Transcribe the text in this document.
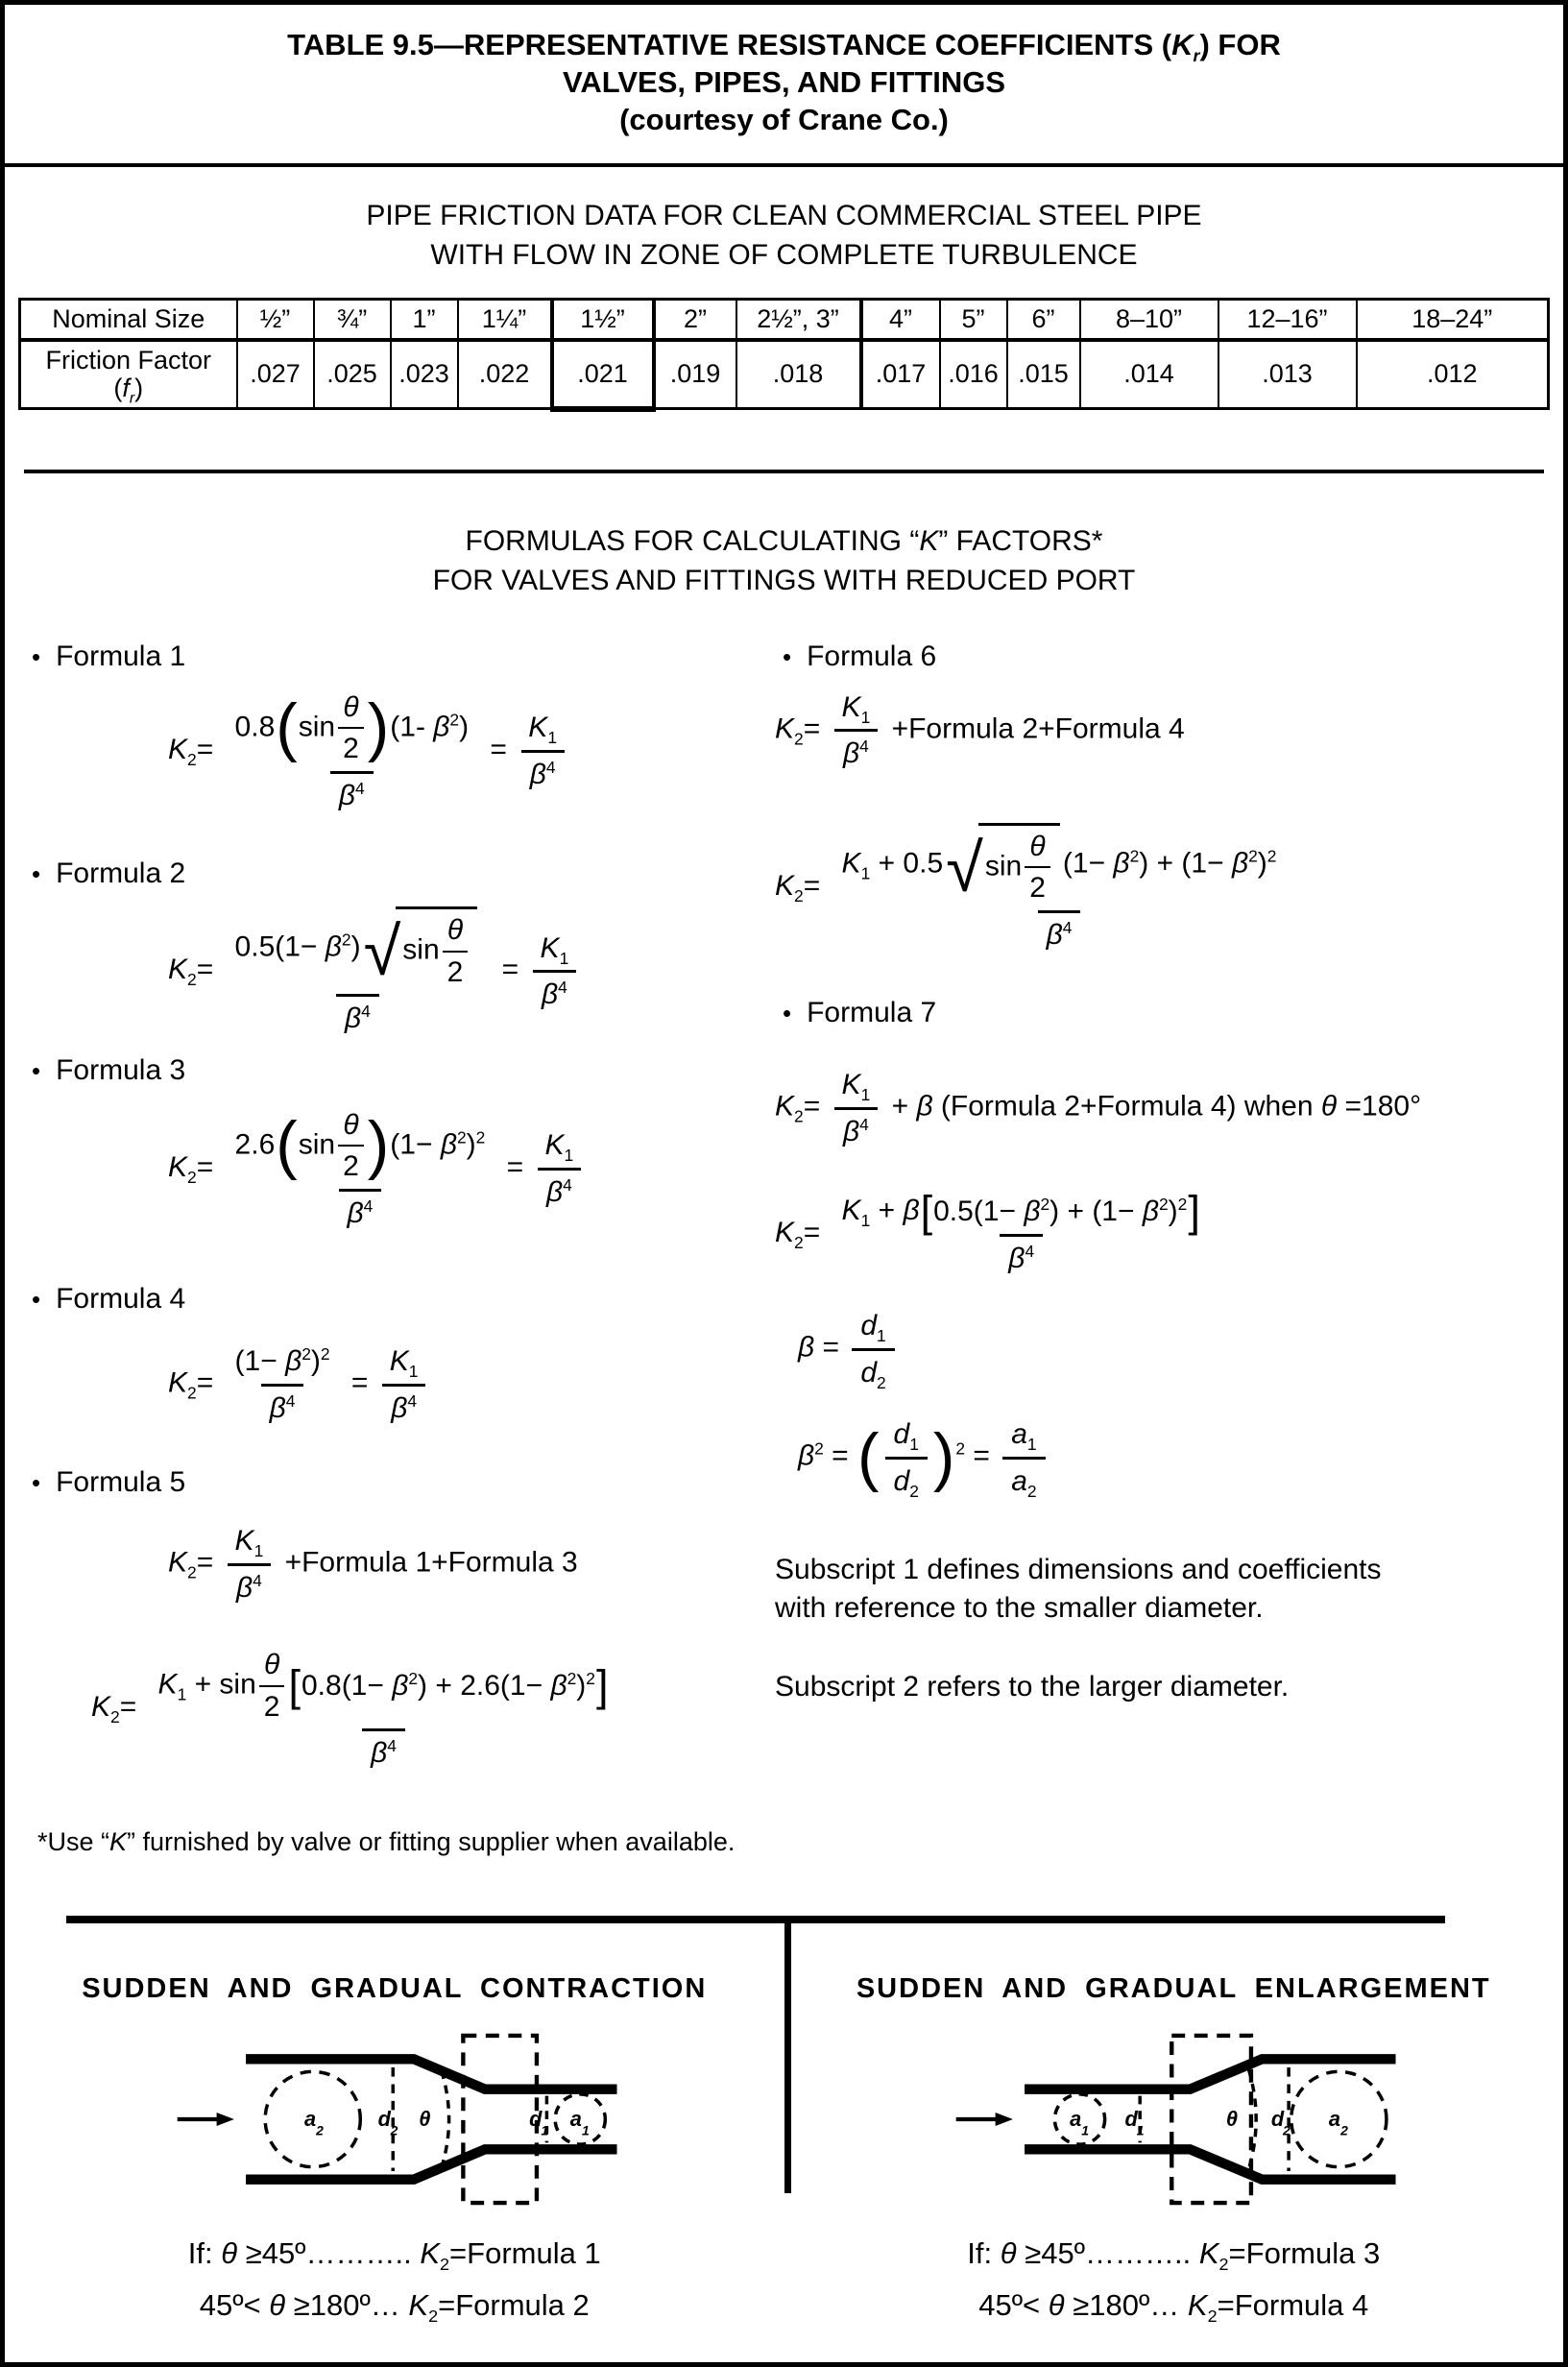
TABLE 9.5—REPRESENTATIVE RESISTANCE COEFFICIENTS $(K_r)$ FOR
VALVES, PIPES, AND FITTINGS
(courtesy of Crane Co.)
PIPE FRICTION DATA FOR CLEAN COMMERCIAL STEEL PIPE
WITH FLOW IN ZONE OF COMPLETE TURBULENCE
Nominal Size	½”	¾”	1”	1¼”	1½”	2”	2½”, 3”	4”	5”	6”	8–10”	12–16”	18–24”

Friction Factor
$(f_r)$	.027	.025	.023	.022	.021	.019	.018	.017	.016	.015	.014	.013	.012
FORMULAS FOR CALCULATING “K” FACTORS*
FOR VALVES AND FITTINGS WITH REDUCED PORT
• Formula 1
$K_2= \frac{0.8 ( \sin \frac{\theta}{2} ) (1- \beta^2)}{\beta^4} = \frac{K_1}{\beta^4}$
• Formula 2
$K_2= \frac{0.5(1- \beta^2) √ \sin \frac{\theta}{2}}{\beta^4} = \frac{K_1}{\beta^4}$
• Formula 3
$K_2= \frac{2.6 ( \sin \frac{\theta}{2} ) (1- \beta^2)^2}{\beta^4} = \frac{K_1}{\beta^4}$
• Formula 4
$K_2= \frac{(1- \beta^2)^2}{\beta^4} = \frac{K_1}{\beta^4}$
• Formula 5
$K_2= \frac{K_1}{\beta^4}$ +Formula 1+Formula 3
$K_2= \frac{K_1 + \sin \frac{\theta}{2} [ 0.8(1- \beta^2) + 2.6(1- \beta^2)^2 ]}{\beta^4}$
*Use “K” furnished by valve or fitting supplier when available.
• Formula 6
$K_2= \frac{K_1}{\beta^4}$ +Formula 2+Formula 4
$K_2= \frac{K_1 + 0.5 √ \sin \frac{\theta}{2} (1- \beta^2) + (1- \beta^2)^2}{\beta^4}$
• Formula 7
$K_2= \frac{K_1}{\beta^4} + \beta$ (Formula 2+Formula 4) when θ =180°
$K_2= \frac{K_1 + \beta [ 0.5(1- \beta^2) + (1- \beta^2)^2 ]}{\beta^4}$
$\beta = \frac{d_1}{d_2}$
$\beta^2$ = ( $\frac{d_1}{d_2}$ ) $^2 = \frac{a_1}{a_2}$
Subscript 1 defines dimensions and coefficients
with reference to the smaller diameter.
Subscript 2 refers to the larger diameter.
SUDDEN AND GRADUAL CONTRACTION
a 2 d 2 θ	d
1 a 1
If: θ ≥45º……….. $K_2=Formula$ 1
45º< θ ≥180º… $K_2=Formula$ 2
SUDDEN AND GRADUAL ENLARGEMENT
a 1 d
1	θ d
2 a 2
If: θ ≥45º……….. $K_2=Formula$ 3
45º< θ ≥180º… $K_2=Formula$ 4
